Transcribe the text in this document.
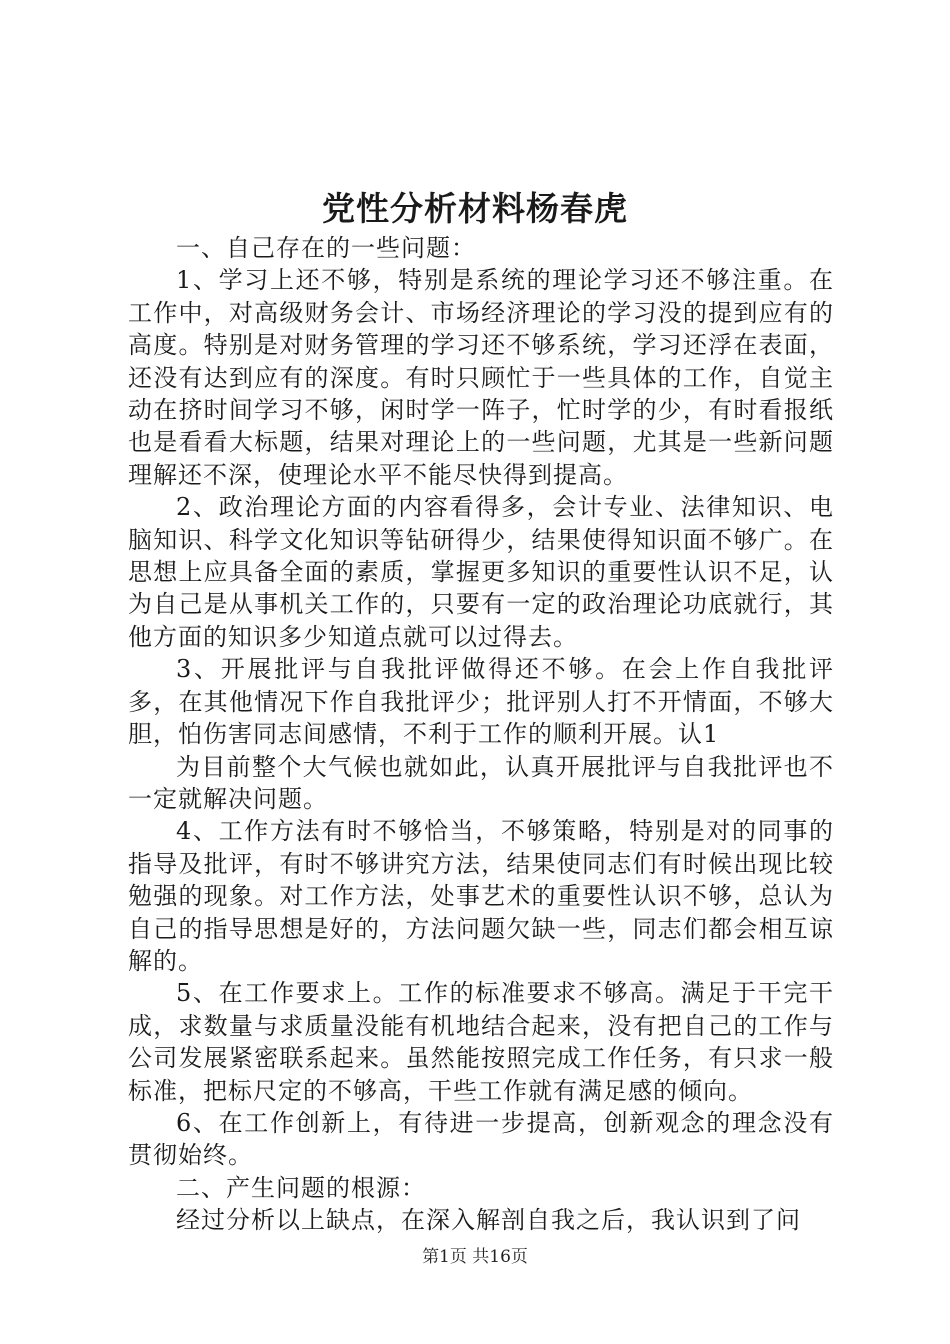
党性分析材料杨春虎

一、自己存在的一些问题：

1、学习上还不够，特别是系统的理论学习还不够注重。在工作中，对高级财务会计、市场经济理论的学习没的提到应有的高度。特别是对财务管理的学习还不够系统，学习还浮在表面，还没有达到应有的深度。有时只顾忙于一些具体的工作，自觉主动在挤时间学习不够，闲时学一阵子，忙时学的少，有时看报纸也是看看大标题，结果对理论上的一些问题，尤其是一些新问题理解还不深，使理论水平不能尽快得到提高。

2、政治理论方面的内容看得多，会计专业、法律知识、电脑知识、科学文化知识等钻研得少，结果使得知识面不够广。在思想上应具备全面的素质，掌握更多知识的重要性认识不足，认为自己是从事机关工作的，只要有一定的政治理论功底就行，其他方面的知识多少知道点就可以过得去。

3、开展批评与自我批评做得还不够。在会上作自我批评多，在其他情况下作自我批评少；批评别人打不开情面，不够大胆，怕伤害同志间感情，不利于工作的顺利开展。认1

为目前整个大气候也就如此，认真开展批评与自我批评也不一定就解决问题。

4、工作方法有时不够恰当，不够策略，特别是对的同事的指导及批评，有时不够讲究方法，结果使同志们有时候出现比较勉强的现象。对工作方法，处事艺术的重要性认识不够，总认为自己的指导思想是好的，方法问题欠缺一些，同志们都会相互谅解的。

5、在工作要求上。工作的标准要求不够高。满足于干完干成，求数量与求质量没能有机地结合起来，没有把自己的工作与公司发展紧密联系起来。虽然能按照完成工作任务，有只求一般标准，把标尺定的不够高，干些工作就有满足感的倾向。

6、在工作创新上，有待进一步提高，创新观念的理念没有贯彻始终。

二、产生问题的根源：

经过分析以上缺点，在深入解剖自我之后，我认识到了问

第1页 共16页
